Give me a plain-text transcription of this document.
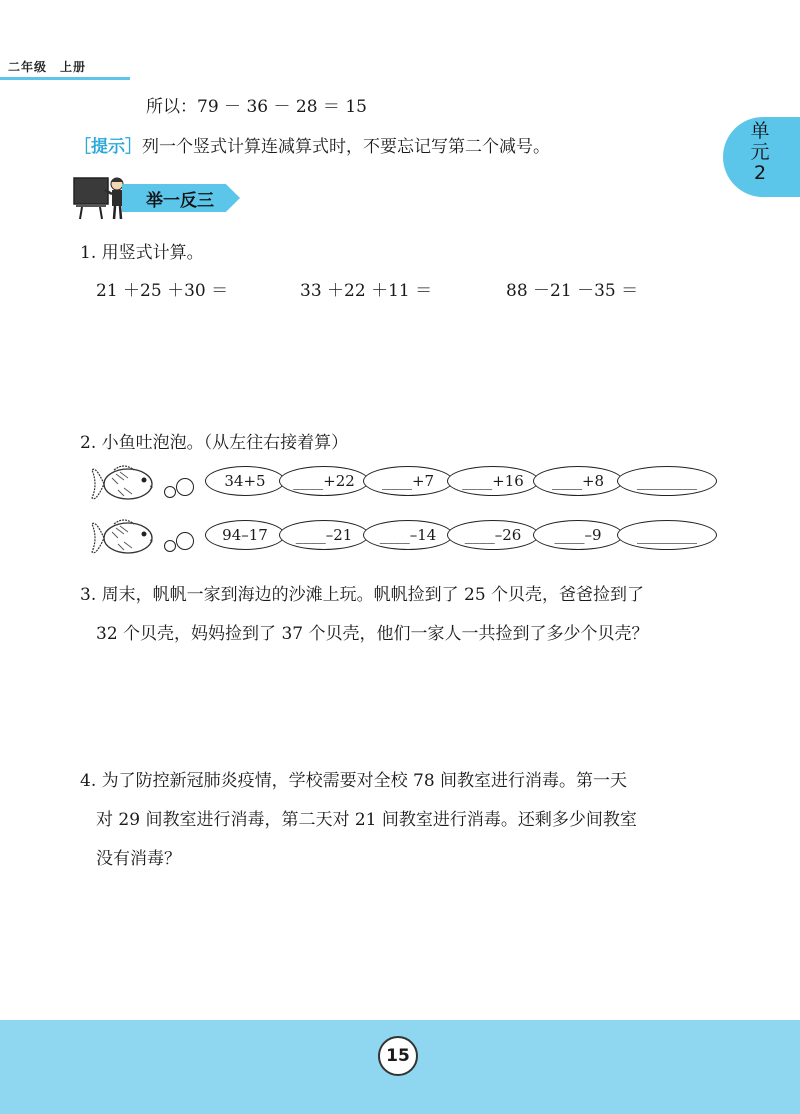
二年级　上册
单
元
2
所以：79 － 36 － 28 ＝ 15
［提示］列一个竖式计算连减算式时，不要忘记写第二个减号。
举一反三
1. 用竖式计算。
21 ＋25 ＋30 ＝	33 ＋22 ＋11 ＝	88 －21 －35 ＝
2. 小鱼吐泡泡。（从左往右接着算）
34+5	____+22	____+7	____+16	____+8	________
94–17	____–21	____–14	____–26	____–9	________
3. 周末，帆帆一家到海边的沙滩上玩。帆帆捡到了 25 个贝壳，爸爸捡到了
32 个贝壳，妈妈捡到了 37 个贝壳，他们一家人一共捡到了多少个贝壳？
4. 为了防控新冠肺炎疫情，学校需要对全校 78 间教室进行消毒。第一天
对 29 间教室进行消毒，第二天对 21 间教室进行消毒。还剩多少间教室
没有消毒？
15
